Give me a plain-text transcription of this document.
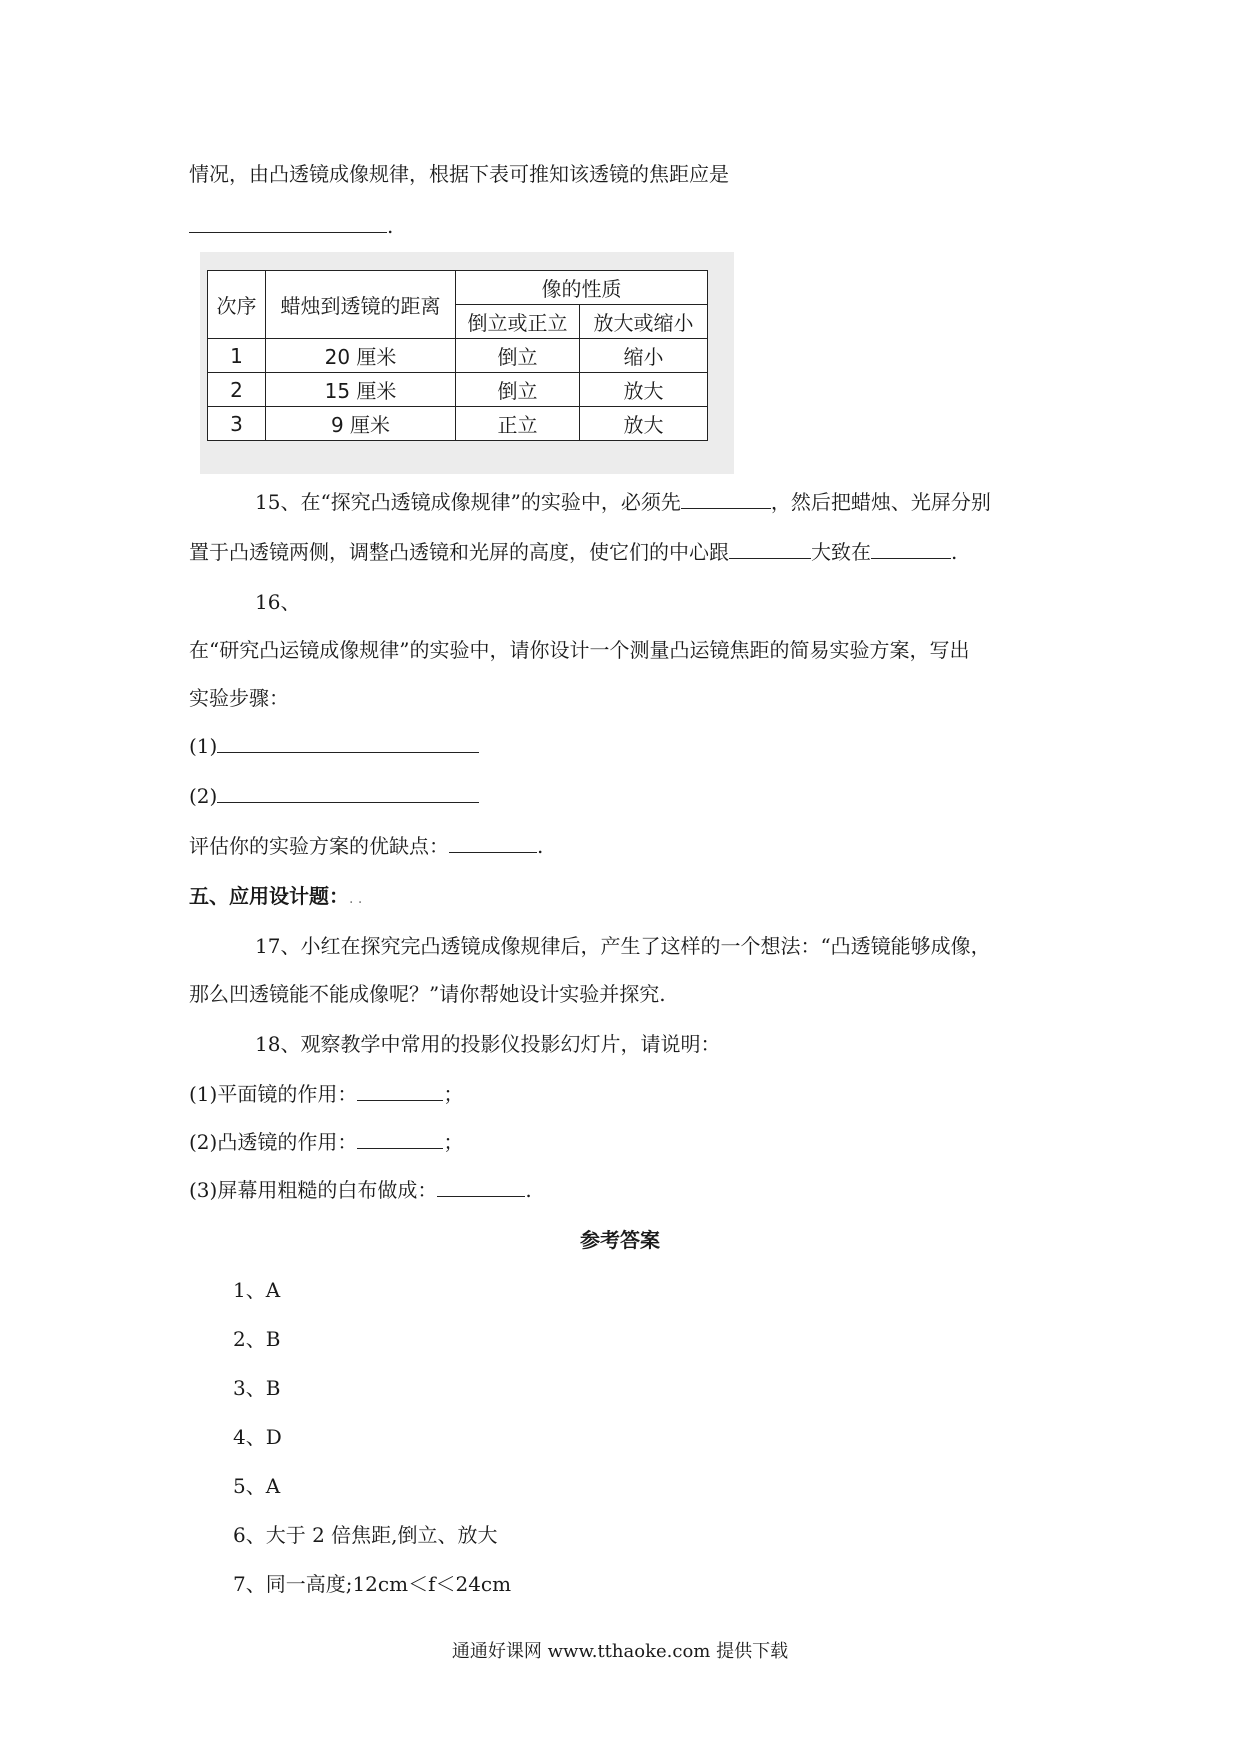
情况，由凸透镜成像规律，根据下表可推知该透镜的焦距应是
.
次序	蜡烛到透镜的距离	像的性质	
		倒立或正立	放大或缩小
1	20 厘米	倒立	缩小
2	15 厘米	倒立	放大
3	9 厘米	正立	放大
15、在“探究凸透镜成像规律”的实验中，必须先	，然后把蜡烛、光屏分别
置于凸透镜两侧，调整凸透镜和光屏的高度，使它们的中心跟	大致在	.
16、
在“研究凸运镜成像规律”的实验中，请你设计一个测量凸运镜焦距的简易实验方案，写出
实验步骤：
(1)
(2)
评估你的实验方案的优缺点：	.
五、应用设计题：. .
17、小红在探究完凸透镜成像规律后，产生了这样的一个想法：“凸透镜能够成像，
那么凹透镜能不能成像呢？”请你帮她设计实验并探究.
18、观察教学中常用的投影仪投影幻灯片，请说明：
(1)平面镜的作用：	；
(2)凸透镜的作用：	；
(3)屏幕用粗糙的白布做成：	.
参考答案
1、A
2、B
3、B
4、D
5、A
6、大于 2 倍焦距,倒立、放大
7、同一高度;12cm＜f＜24cm
通通好课网 www.tthaoke.com 提供下载
